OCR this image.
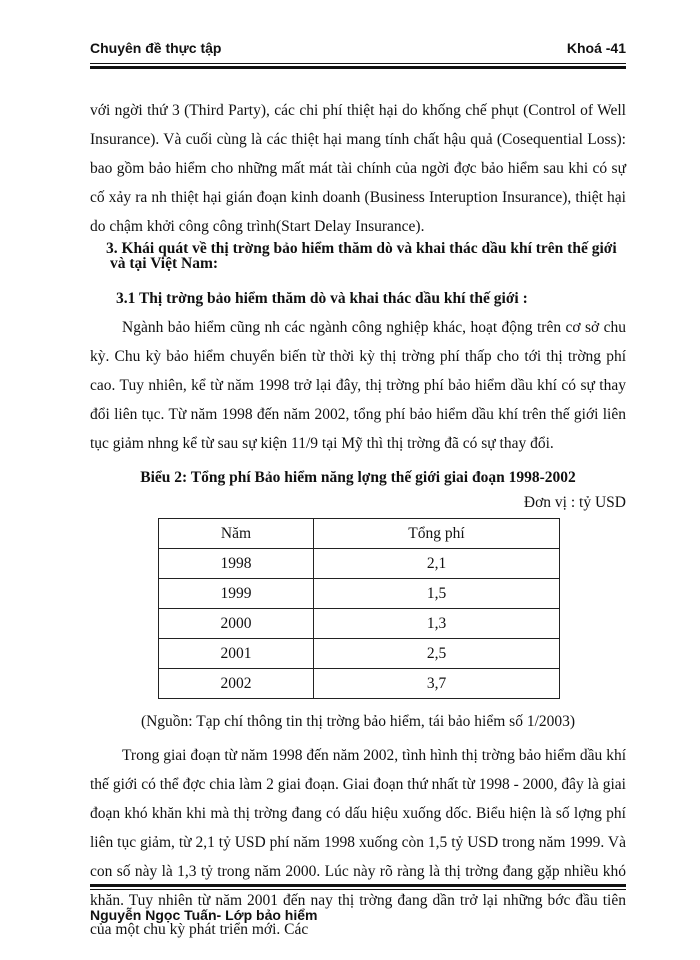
Chuyên đề thực tập	Khoá -41

với ngời thứ 3 (Third Party), các chi phí thiệt hại do khống chế phụt (Control of Well Insurance). Và cuối cùng là các thiệt hại mang tính chất hậu quả (Cosequential Loss): bao gồm bảo hiểm cho những mất mát tài chính của ngời đợc bảo hiểm sau khi có sự cố xảy ra nh thiệt hại gián đoạn kinh doanh (Business Interuption Insurance), thiệt hại do chậm khởi công công trình(Start Delay Insurance).

3. Khái quát về thị trờng bảo hiểm thăm dò và khai thác dầu khí trên thế giới và tại Việt Nam:

3.1 Thị trờng bảo hiểm thăm dò và khai thác dầu khí thế giới :

Ngành bảo hiểm cũng nh các ngành công nghiệp khác, hoạt động trên cơ sở chu kỳ. Chu kỳ bảo hiểm chuyển biến từ thời kỳ thị trờng phí thấp cho tới thị trờng phí cao. Tuy nhiên, kể từ năm 1998 trở lại đây, thị trờng phí bảo hiểm dầu khí có sự thay đổi liên tục. Từ năm 1998 đến năm 2002, tổng phí bảo hiểm dầu khí trên thế giới liên tục giảm nhng kể từ sau sự kiện 11/9 tại Mỹ thì thị trờng đã có sự thay đổi.

Biểu 2: Tổng phí Bảo hiểm năng lợng thế giới giai đoạn 1998-2002

Đơn vị : tỷ USD

Năm	Tổng phí
1998	2,1
1999	1,5
2000	1,3
2001	2,5
2002	3,7

(Nguồn: Tạp chí thông tin thị trờng bảo hiểm, tái bảo hiểm số 1/2003)

Trong giai đoạn từ năm 1998 đến năm 2002, tình hình thị trờng bảo hiểm dầu khí thế giới có thể đợc chia làm 2 giai đoạn. Giai đoạn thứ nhất từ 1998 - 2000, đây là giai đoạn khó khăn khi mà thị trờng đang có dấu hiệu xuống dốc. Biểu hiện là số lợng phí liên tục giảm, từ 2,1 tỷ USD phí năm 1998 xuống còn 1,5 tỷ USD trong năm 1999. Và con số này là 1,3 tỷ trong năm 2000. Lúc này rõ ràng là thị trờng đang gặp nhiều khó khăn. Tuy nhiên từ năm 2001 đến nay thị trờng đang dần trở lại những bớc đầu tiên của một chu kỳ phát triển mới. Các

Nguyễn Ngọc Tuấn- Lớp bảo hiểm
